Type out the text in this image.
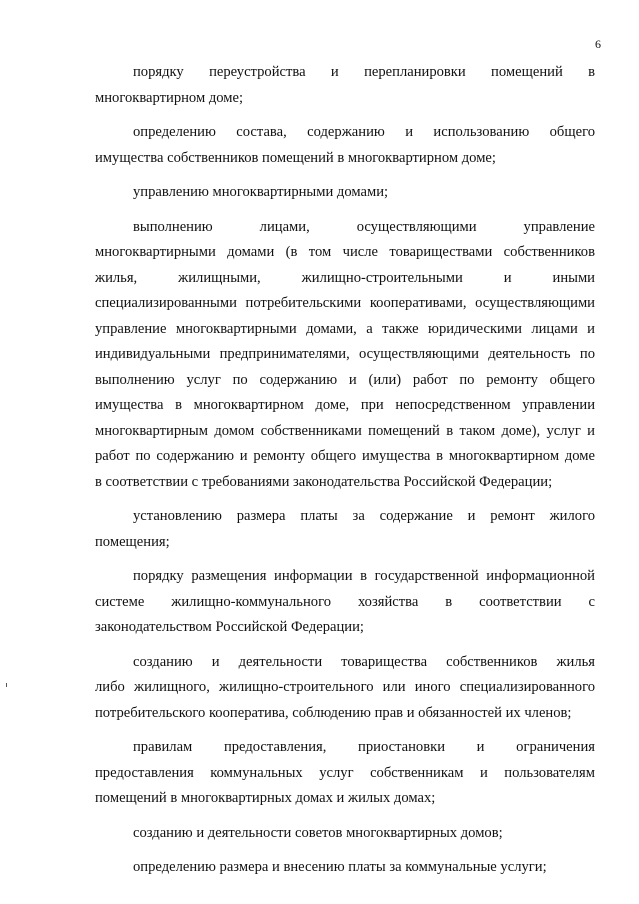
6
порядку переустройства и перепланировки помещений в
многоквартирном доме;
определению состава, содержанию и использованию общего
имущества собственников помещений в многоквартирном доме;
управлению многоквартирными домами;
выполнению лицами, осуществляющими управление
многоквартирными домами (в том числе товариществами собственников
жилья, жилищными, жилищно-строительными и иными
специализированными потребительскими кооперативами, осуществляющими
управление многоквартирными домами, а также юридическими лицами и
индивидуальными предпринимателями, осуществляющими деятельность по
выполнению услуг по содержанию и (или) работ по ремонту общего
имущества в многоквартирном доме, при непосредственном управлении
многоквартирным домом собственниками помещений в таком доме), услуг и
работ по содержанию и ремонту общего имущества в многоквартирном доме
в соответствии с требованиями законодательства Российской Федерации;
установлению размера платы за содержание и ремонт жилого
помещения;
порядку размещения информации в государственной информационной
системе жилищно-коммунального хозяйства в соответствии с
законодательством Российской Федерации;
созданию и деятельности товарищества собственников жилья
либо жилищного, жилищно-строительного или иного специализированного
потребительского кооператива, соблюдению прав и обязанностей их членов;
правилам предоставления, приостановки и ограничения
предоставления коммунальных услуг собственникам и пользователям
помещений в многоквартирных домах и жилых домах;
созданию и деятельности советов многоквартирных домов;
определению размера и внесению платы за коммунальные услуги;
